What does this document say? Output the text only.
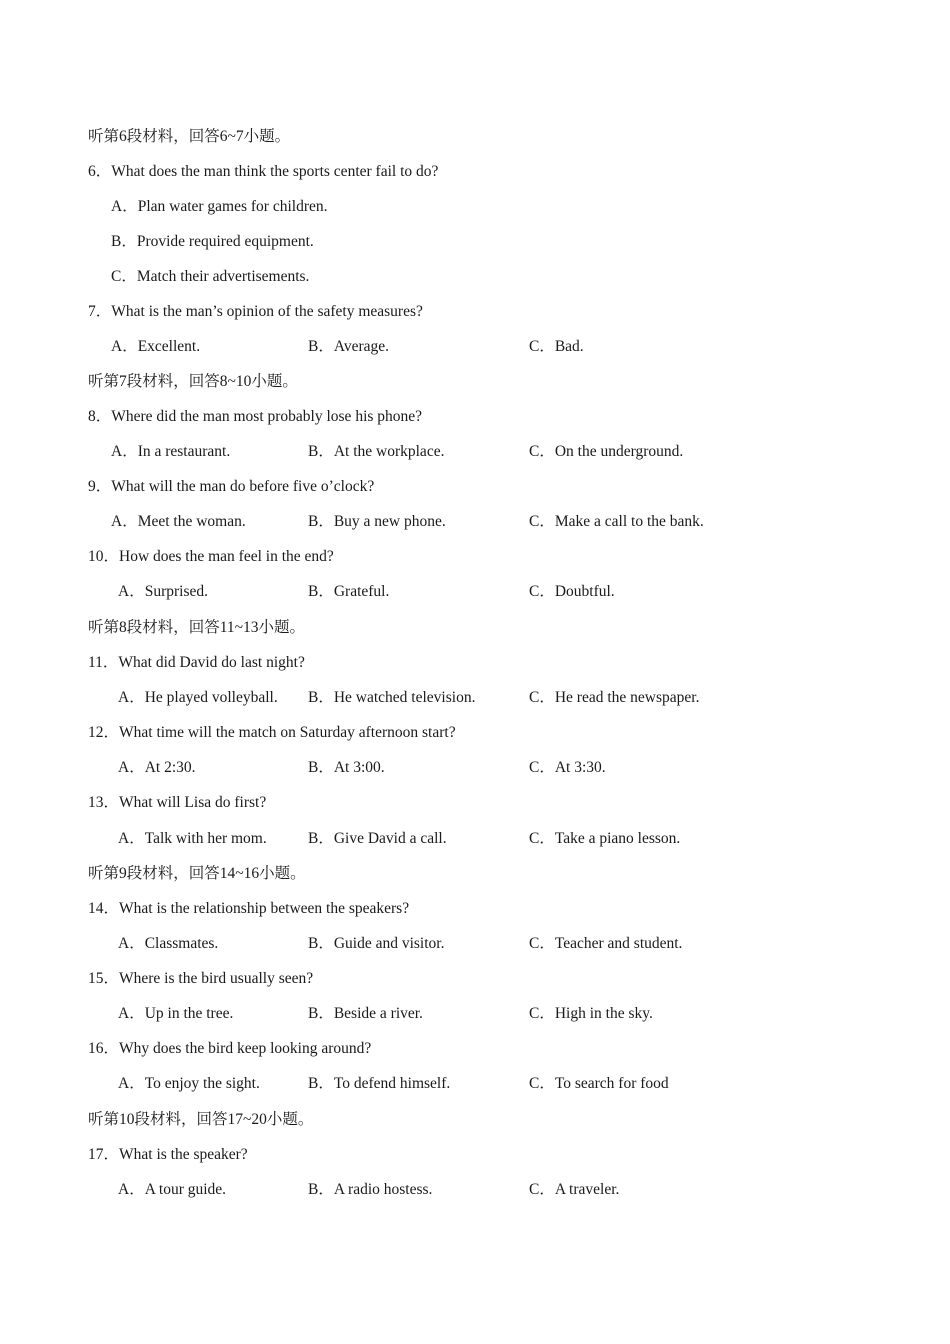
听第6段材料，回答6~7小题。
6．What does the man think the sports center fail to do?
A．Plan water games for children.
B．Provide required equipment.
C．Match their advertisements.
7．What is the man’s opinion of the safety measures?
A．Excellent.	B．Average.	C．Bad.
听第7段材料，回答8~10小题。
8．Where did the man most probably lose his phone?
A．In a restaurant.	B．At the workplace.	C．On the underground.
9．What will the man do before five o’clock?
A．Meet the woman.	B．Buy a new phone.	C．Make a call to the bank.
10．How does the man feel in the end?
A．Surprised.	B．Grateful.	C．Doubtful.
听第8段材料，回答11~13小题。
11．What did David do last night?
A．He played volleyball. B．He watched television.	C．He read the newspaper.
12．What time will the match on Saturday afternoon start?
A．At 2:30.	B．At 3:00.	C．At 3:30.
13．What will Lisa do first?
A．Talk with her mom.	B．Give David a call.	C．Take a piano lesson.
听第9段材料，回答14~16小题。
14．What is the relationship between the speakers?
A．Classmates.	B．Guide and visitor.	C．Teacher and student.
15．Where is the bird usually seen?
A．Up in the tree.	B．Beside a river.	C．High in the sky.
16．Why does the bird keep looking around?
A．To enjoy the sight.	B．To defend himself.	C．To search for food
听第10段材料，回答17~20小题。
17．What is the speaker?
A．A tour guide.	B．A radio hostess.	C．A traveler.
